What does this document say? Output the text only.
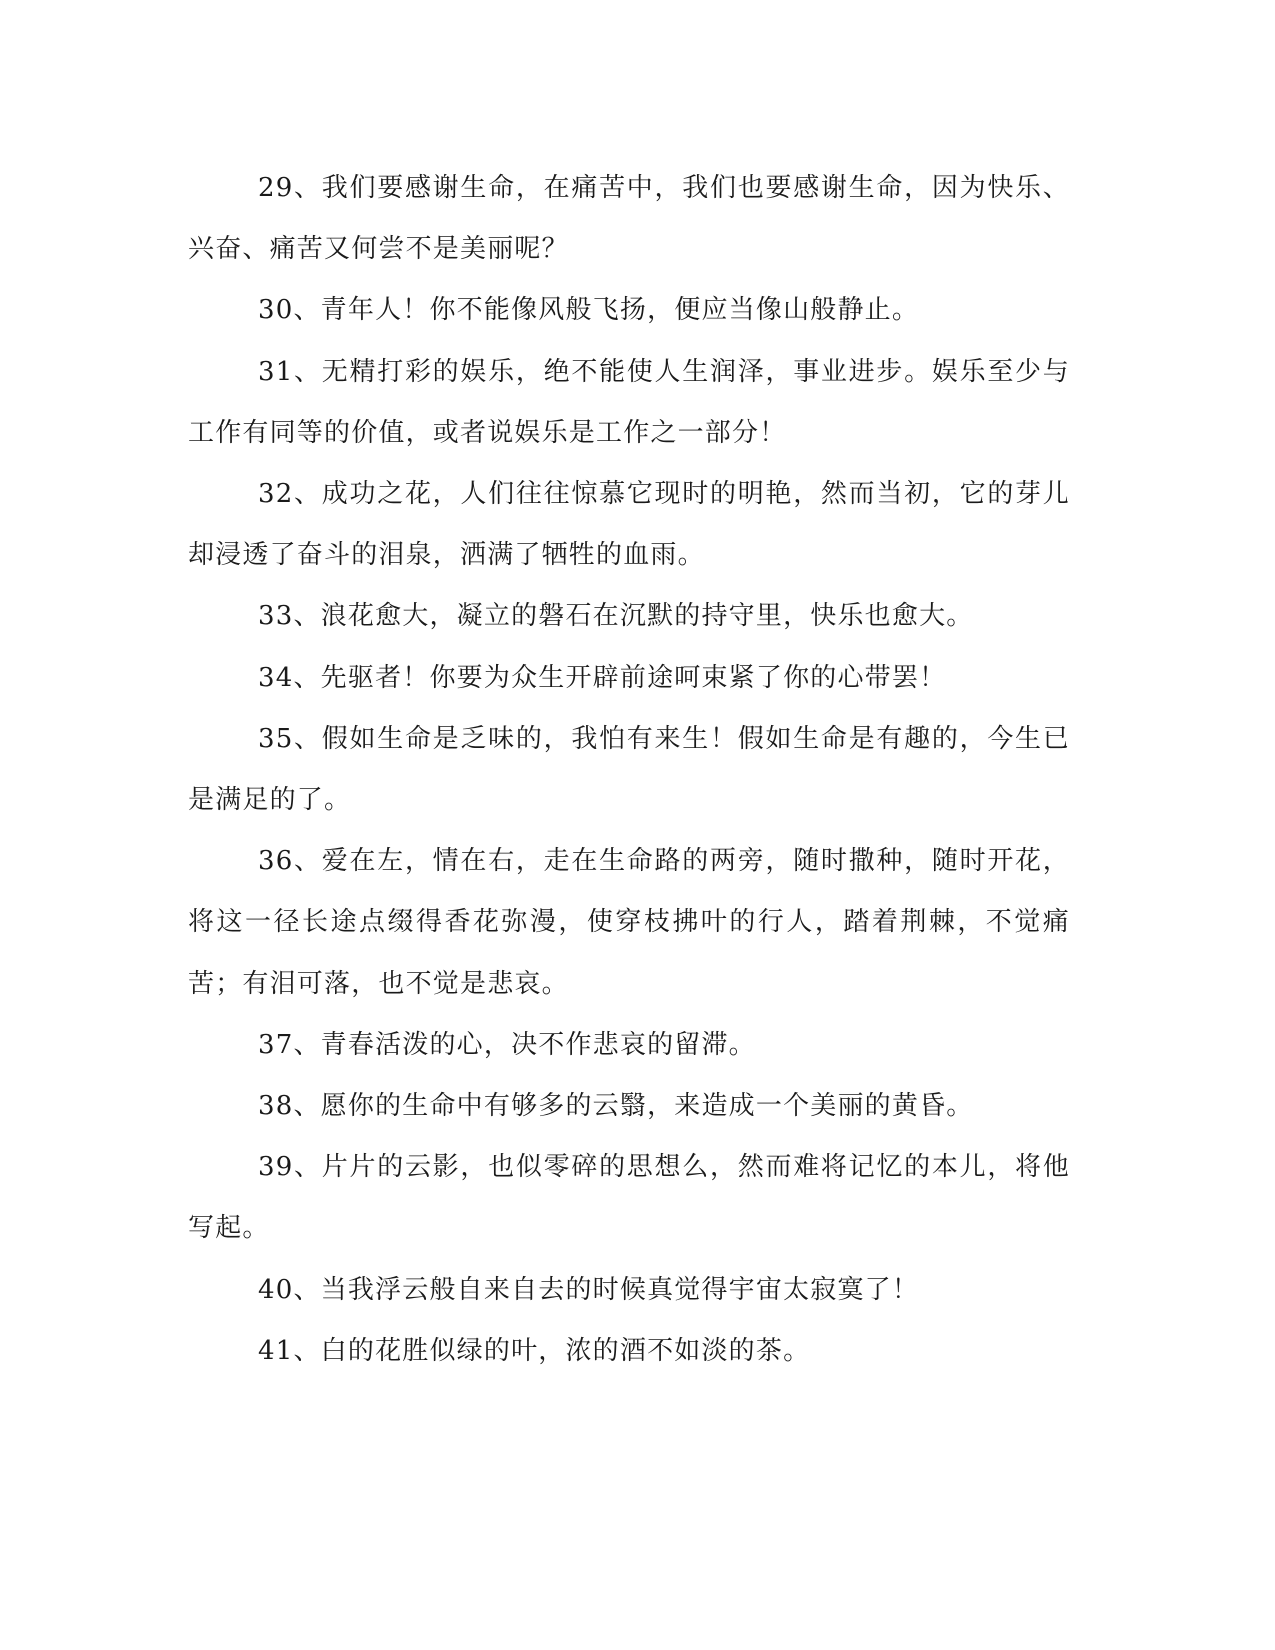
29、我们要感谢生命，在痛苦中，我们也要感谢生命，因为快乐、兴奋、痛苦又何尝不是美丽呢？

30、青年人！你不能像风般飞扬，便应当像山般静止。

31、无精打彩的娱乐，绝不能使人生润泽，事业进步。娱乐至少与工作有同等的价值，或者说娱乐是工作之一部分！

32、成功之花，人们往往惊慕它现时的明艳，然而当初，它的芽儿却浸透了奋斗的泪泉，洒满了牺牲的血雨。

33、浪花愈大，凝立的磐石在沉默的持守里，快乐也愈大。

34、先驱者！你要为众生开辟前途呵束紧了你的心带罢！

35、假如生命是乏味的，我怕有来生！假如生命是有趣的，今生已是满足的了。

36、爱在左，情在右，走在生命路的两旁，随时撒种，随时开花，将这一径长途点缀得香花弥漫，使穿枝拂叶的行人，踏着荆棘，不觉痛苦；有泪可落，也不觉是悲哀。

37、青春活泼的心，决不作悲哀的留滞。

38、愿你的生命中有够多的云翳，来造成一个美丽的黄昏。

39、片片的云影，也似零碎的思想么，然而难将记忆的本儿，将他写起。

40、当我浮云般自来自去的时候真觉得宇宙太寂寞了！

41、白的花胜似绿的叶，浓的酒不如淡的茶。
